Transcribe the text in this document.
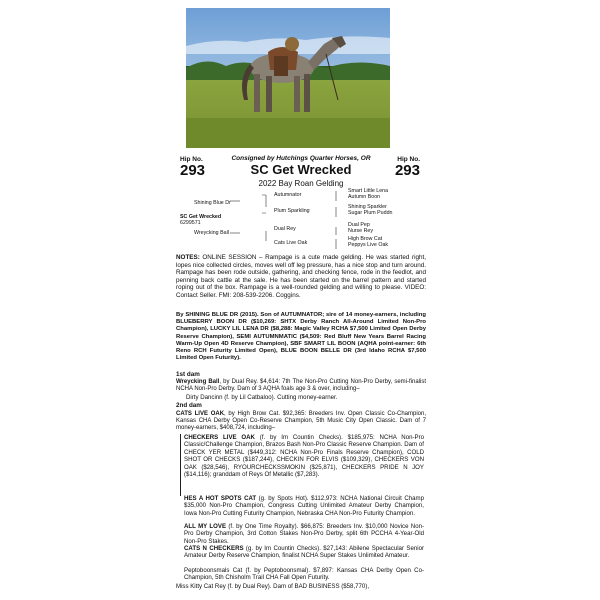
Consigned by Hutchings Quarter Horses, OR
Hip No.	Hip No.
293	293
SC Get Wrecked
2022 Bay Roan Gelding
Shining Blue Dr
SC Get Wrecked
6299571
Wreycking Ball
Autumnator
Plum Sparkling
Dual Rey
Cats Live Oak
Smart Little Lena
Autumn Boon
Shining Sparkler
Sugar Plum Puddn
Dual Pep
Nurse Rey
High Brow Cat
Peppys Live Oak
NOTES: ONLINE SESSION – Rampage is a cute made gelding. He was started right, lopes nice collected circles, moves well off leg pressure, has a nice stop and turn around. Rampage has been rode outside, gathering, and checking fence, rode in the feedlot, and penning back cattle at the sale. He has been started on the barrel pattern and started roping out of the box. Rampage is a well-rounded gelding and willing to please. VIDEO: Contact Seller. FMI: 208-539-2206. Coggins.
By SHINING BLUE DR (2015). Son of AUTUMNATOR; sire of 14 money-earners, including BLUEBERRY BOON DR ($10,269: SHTX Derby Ranch All-Around Limited Non-Pro Champion), LUCKY LIL LENA DR ($8,288: Magic Valley RCHA $7,500 Limited Open Derby Reserve Champion), SEMI AUTUMNMATIC ($4,509: Red Bluff New Years Barrel Racing Warm-Up Open 4D Reserve Champion), SBF SMART LIL BOON (AQHA point-earner: 6th Reno RCH Futurity Limited Open), BLUE BOON BELLE DR (3rd Idaho RCHA $7,500 Limited Open Futurity).
1st dam
Wreycking Ball, by Dual Rey. $4,614: 7th The Non-Pro Cutting Non-Pro Derby, semi-finalist NCHA Non-Pro Derby. Dam of 3 AQHA foals age 3 & over, including–
Dirty Dancinn (f. by Lil Catbaloo). Cutting money-earner.
2nd dam
CATS LIVE OAK, by High Brow Cat. $92,365: Breeders Inv. Open Classic Co-Champion, Kansas CHA Derby Open Co-Reserve Champion, 5th Music City Open Classic. Dam of 7 money-earners, $408,724, including–
CHECKERS LIVE OAK (f. by Im Countin Checks). $185,975: NCHA Non-Pro Classic/Challenge Champion, Brazos Bash Non-Pro Classic Reserve Champion. Dam of CHECK YER METAL ($449,312: NCHA Non-Pro Finals Reserve Champion), COLD SHOT OR CHECKS ($187,244), CHECKIN FOR ELVIS ($109,329), CHECKERS VON OAK ($28,546), RYOURCHECKSSMOKIN ($25,871), CHECKERS PRIDE N JOY ($14,116); granddam of Reys Of Metallic ($7,283).
HES A HOT SPOTS CAT (g. by Spots Hot). $112,973: NCHA National Circuit Champ $35,000 Non-Pro Champion, Congress Cutting Unlimited Amateur Derby Champion, Iowa Non-Pro Cutting Futurity Champion, Nebraska CHA Non-Pro Futurity Champion.
ALL MY LOVE (f. by One Time Royalty). $66,875: Breeders Inv. $10,000 Novice Non-Pro Derby Champion, 3rd Cotton Stakes Non-Pro Derby, split 6th PCCHA 4-Year-Old Non-Pro Stakes.
CATS N CHECKERS (g. by Im Countin Checks). $27,143: Abilene Spectacular Senior Amateur Derby Reserve Champion, finalist NCHA Super Stakes Unlimited Amateur.
Peptoboonsmals Cat (f. by Peptoboonsmal). $7,897: Kansas CHA Derby Open Co-Champion, 5th Chisholm Trail CHA Fall Open Futurity.
Miss Kitty Cat Rey (f. by Dual Rey). Dam of BAD BUSINESS ($58,770),
